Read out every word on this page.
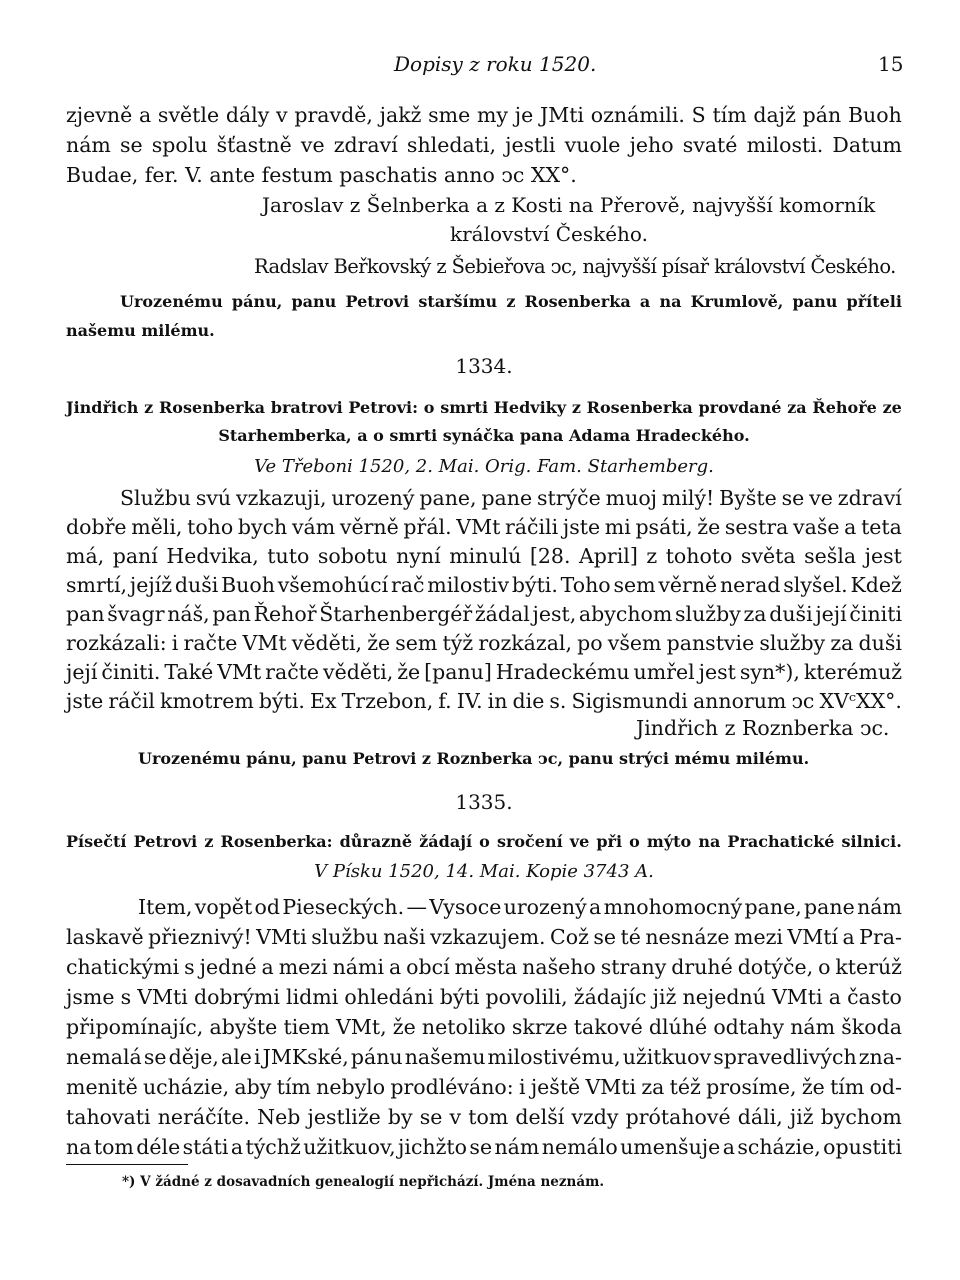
Dopisy z roku 1520.	15
zjevně a světle dály v pravdě, jakž sme my je JMti oznámili. S tím dajž pán Buoh
nám se spolu šťastně ve zdraví shledati, jestli vuole jeho svaté milosti. Datum
Budae, fer. V. ante festum paschatis anno ↄc XX°.
Jaroslav z Šelnberka a z Kosti na Přerově, najvyšší komorník
království Českého.
Radslav Beřkovský z Šebieřova ↄc, najvyšší písař království Českého.
Urozenému pánu, panu Petrovi staršímu z Rosenberka a na Krumlově, panu příteli
našemu milému.
1334.
Jindřich z Rosenberka bratrovi Petrovi: o smrti Hedviky z Rosenberka provdané za Řehoře ze
Starhemberka, a o smrti synáčka pana Adama Hradeckého.
Ve Třeboni 1520, 2. Mai. Orig. Fam. Starhemberg.
Službu svú vzkazuji, urozený pane, pane strýče muoj milý! Byšte se ve zdraví
dobře měli, toho bych vám věrně přál. VMt ráčili jste mi psáti, že sestra vaše a teta
má, paní Hedvika, tuto sobotu nyní minulú [28. April] z tohoto světa sešla jest
smrtí, jejíž duši Buoh všemohúcí rač milostiv býti. Toho sem věrně nerad slyšel. Kdež
pan švagr náš, pan Řehoř Štarhenbergéř žádal jest, abychom služby za duši její činiti
rozkázali: i račte VMt věděti, že sem týž rozkázal, po všem panstvie služby za duši
její činiti. Také VMt račte věděti, že [panu] Hradeckému umřel jest syn*), kterémuž
jste ráčil kmotrem býti. Ex Trzebon, f. IV. in die s. Sigismundi annorum ↄc XVᶜXX°.
Jindřich z Roznberka ↄc.
Urozenému pánu, panu Petrovi z Roznberka ↄc, panu strýci mému milému.
1335.
Písečtí Petrovi z Rosenberka: důrazně žádají o sročení ve při o mýto na Prachatické silnici.
V Písku 1520, 14. Mai. Kopie 3743 A.
Item, vopět od Pieseckých. — Vysoce urozený a mnohomocný pane, pane nám
laskavě přieznivý! VMti službu naši vzkazujem. Což se té nesnáze mezi VMtí a Pra-
chatickými s jedné a mezi námi a obcí města našeho strany druhé dotýče, o kterúž
jsme s VMti dobrými lidmi ohledáni býti povolili, žádajíc již nejednú VMti a často
připomínajíc, abyšte tiem VMt, že netoliko skrze takové dlúhé odtahy nám škoda
nemalá se děje, ale i JMKské, pánu našemu milostivému, užitkuov spravedlivých zna-
menitě ucházie, aby tím nebylo prodléváno: i ještě VMti za též prosíme, že tím od-
tahovati neráčíte. Neb jestliže by se v tom delší vzdy prótahové dáli, již bychom
na tom déle státi a týchž užitkuov, jichžto se nám nemálo umenšuje a scházie, opustiti
*) V žádné z dosavadních genealogií nepřichází. Jména neznám.
